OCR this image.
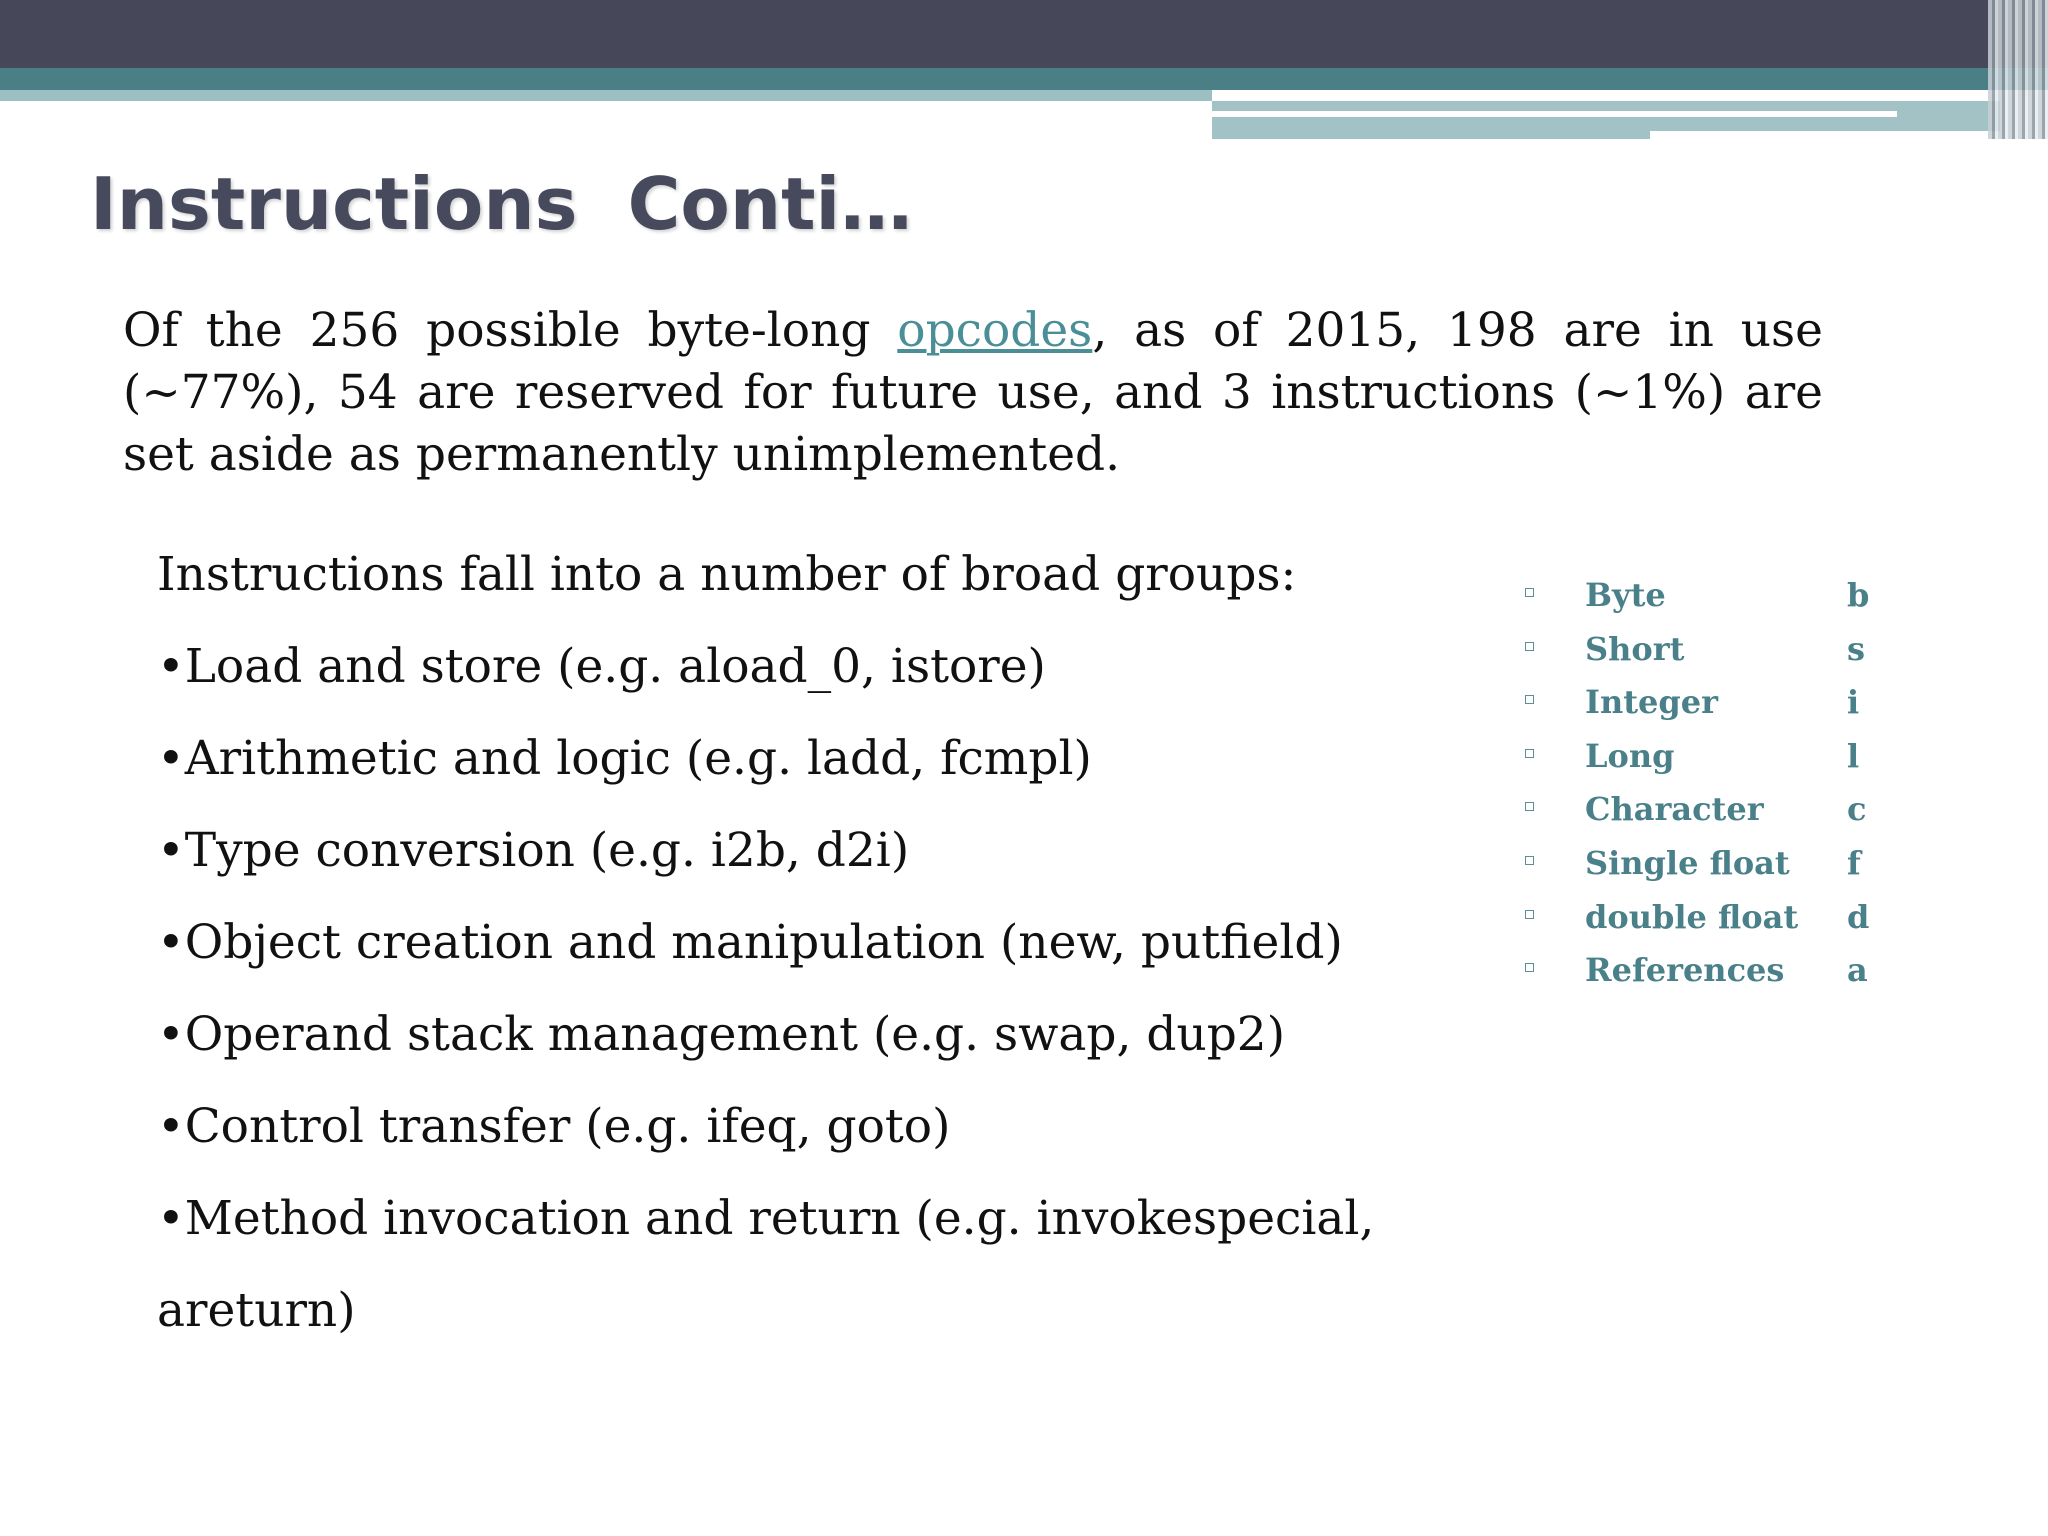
Instructions  Conti…

Of the 256 possible byte-long opcodes, as of 2015, 198 are in use (~77%), 54 are reserved for future use, and 3 instructions (~1%) are set aside as permanently unimplemented.

Instructions fall into a number of broad groups:
•Load and store (e.g. aload_0, istore)
•Arithmetic and logic (e.g. ladd, fcmpl)
•Type conversion (e.g. i2b, d2i)
•Object creation and manipulation (new, putfield)
•Operand stack management (e.g. swap, dup2)
•Control transfer (e.g. ifeq, goto)
•Method invocation and return (e.g. invokespecial,
areturn)
Byte	b
Short	s
Integer	i
Long	l
Character	c
Single float f
double float d
References a
